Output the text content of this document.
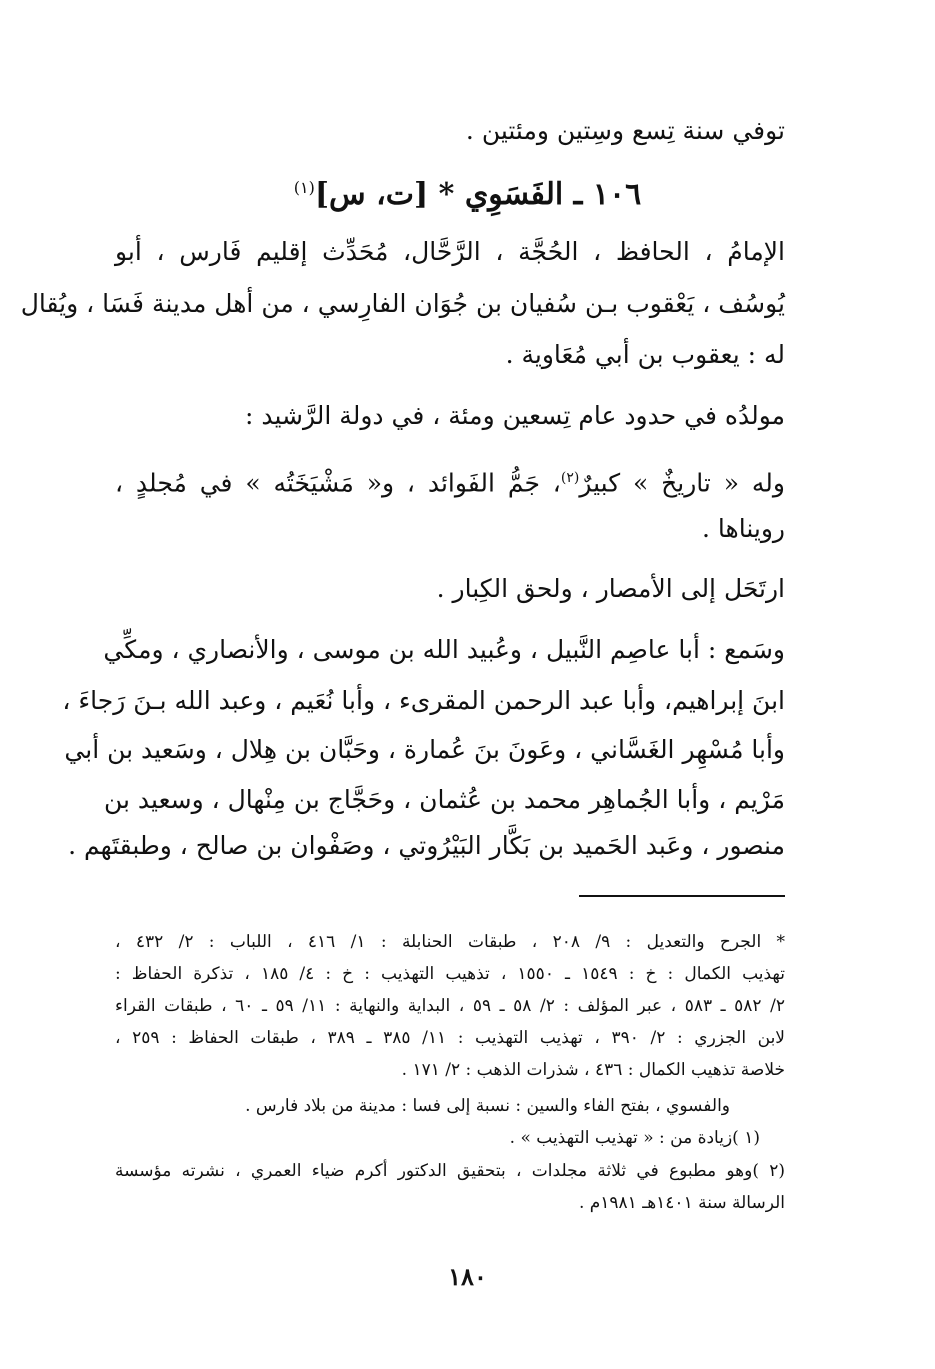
توفي سنة تِسع وسِتين ومئتين .
١٠٦ ـ الفَسَوِي * [ت، س]$^{(١)}$
الإمامُ ، الحافظ ، الحُجَّة ، الرَّحَّال، مُحَدِّث إقليم فَارس ، أبو
يُوسُف ، يَعْقوب بـن سُفيان بن جُوَان الفارِسي ، من أهل مدينة فَسَا ، ويُقال
له : يعقوب بن أبي مُعَاوية .
مولدُه في حدود عام تِسعين ومئة ، في دولة الرَّشيد :
وله « تاريخٌ » كبيرٌ$^{(٢)}$، جَمُّ الفَوائد ، و« مَشْيَخَتُه » في مُجلدٍ ،
رويناها .
ارتَحَل إلى الأمصار ، ولحق الكِبار .
وسَمع : أبا عاصِم النَّبيل ، وعُبيد الله بن موسى ، والأنصاري ، ومكِّي
ابنَ إبراهيم، وأبا عبد الرحمن المقرىء ، وأبا نُعَيم ، وعبد الله بـنَ رَجاءَ ،
وأبا مُسْهِر الغَسَّاني ، وعَونَ بنَ عُمارة ، وحَبَّان بن هِلال ، وسَعيد بن أبي
مَرْيم ، وأبا الجُماهِر محمد بن عُثمان ، وحَجَّاج بن مِنْهال ، وسعيد بن
منصور ، وعَبد الحَميد بن بَكَّار البَيْرُوتي ، وصَفْوان بن صالح ، وطبقتَهم .
* الجرح والتعديل : ٩/ ٢٠٨ ، طبقات الحنابلة : ١/ ٤١٦ ، اللباب : ٢/ ٤٣٢ ،
تهذيب الكمال : خ : ١٥٤٩ ـ ١٥٥٠ ، تذهيب التهذيب : خ : ٤/ ١٨٥ ، تذكرة الحفاظ :
٢/ ٥٨٢ ـ ٥٨٣ ، عبر المؤلف : ٢/ ٥٨ ـ ٥٩ ، البداية والنهاية : ١١/ ٥٩ ـ ٦٠ ، طبقات القراء
لابن الجزري : ٢/ ٣٩٠ ، تهذيب التهذيب : ١١/ ٣٨٥ ـ ٣٨٩ ، طبقات الحفاظ : ٢٥٩ ،
خلاصة تذهيب الكمال : ٤٣٦ ، شذرات الذهب : ٢/ ١٧١ .
والفسوي ، بفتح الفاء والسين : نسبة إلى فسا : مدينة من بلاد فارس .
(١ )زيادة من : « تهذيب التهذيب » .
(٢ )وهو مطبوع في ثلاثة مجلدات ، بتحقيق الدكتور أكرم ضياء العمري ، نشرته مؤسسة
الرسالة سنة ١٤٠١هـ ١٩٨١م .
١٨٠
